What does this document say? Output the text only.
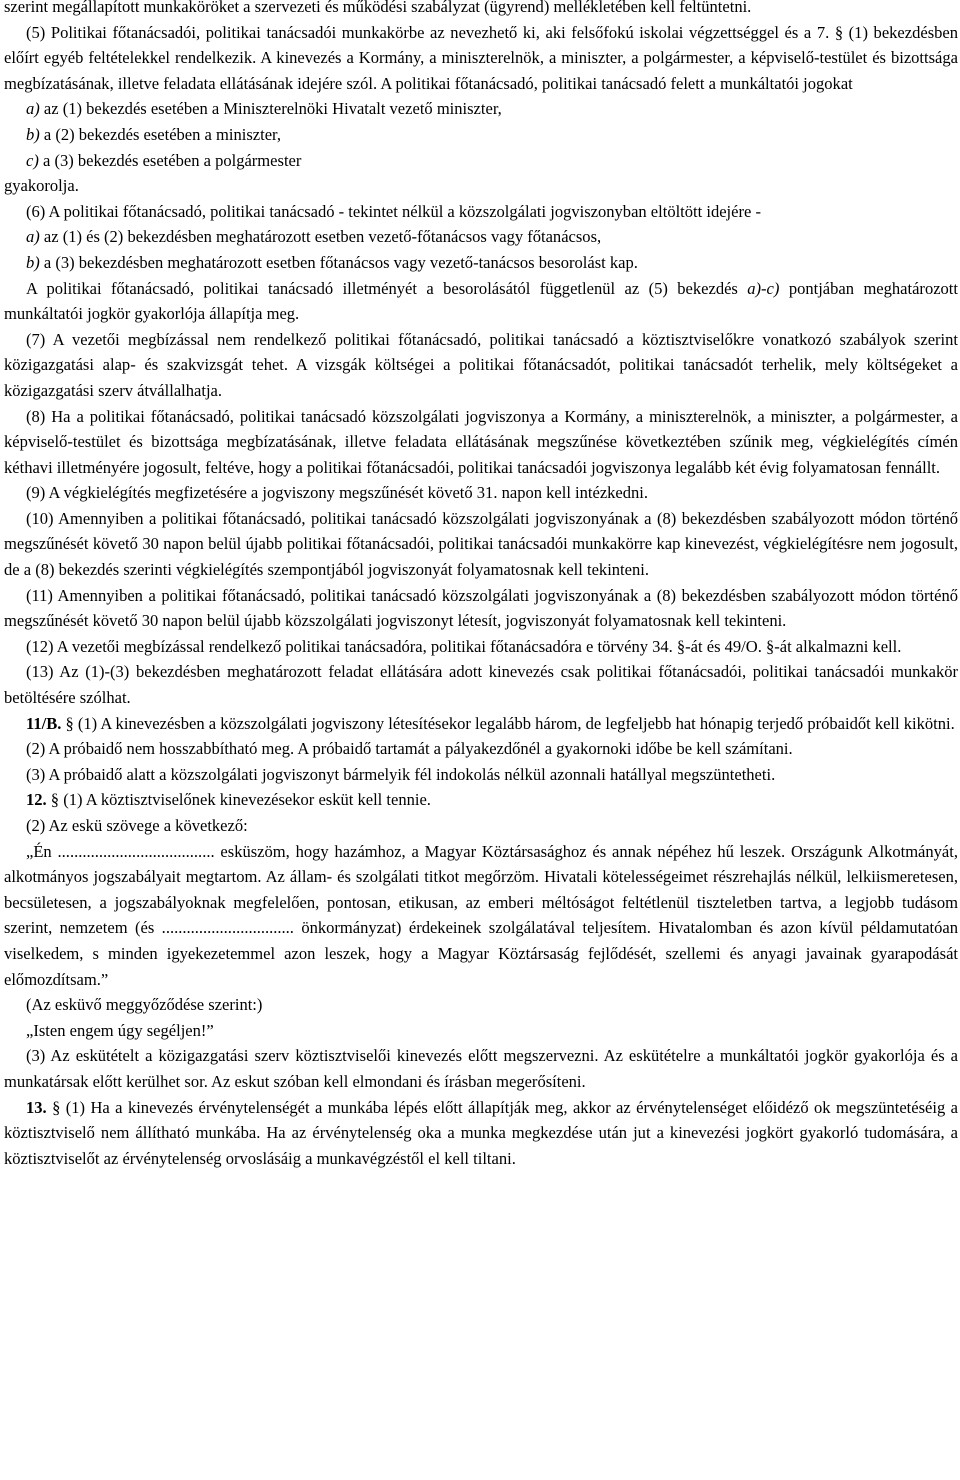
szerint megállapított munkaköröket a szervezeti és működési szabályzat (ügyrend) mellékletében kell feltüntetni.

(5) Politikai főtanácsadói, politikai tanácsadói munkakörbe az nevezhető ki, aki felsőfokú iskolai végzettséggel és a 7. § (1) bekezdésben előírt egyéb feltételekkel rendelkezik. A kinevezés a Kormány, a miniszterelnök, a miniszter, a polgármester, a képviselő-testület és bizottsága megbízatásának, illetve feladata ellátásának idejére szól. A politikai főtanácsadó, politikai tanácsadó felett a munkáltatói jogokat

a) az (1) bekezdés esetében a Miniszterelnöki Hivatalt vezető miniszter,

b) a (2) bekezdés esetében a miniszter,

c) a (3) bekezdés esetében a polgármester

gyakorolja.

(6) A politikai főtanácsadó, politikai tanácsadó - tekintet nélkül a közszolgálati jogviszonyban eltöltött idejére -

a) az (1) és (2) bekezdésben meghatározott esetben vezető-főtanácsos vagy főtanácsos,

b) a (3) bekezdésben meghatározott esetben főtanácsos vagy vezető-tanácsos besorolást kap.

A politikai főtanácsadó, politikai tanácsadó illetményét a besorolásától függetlenül az (5) bekezdés a)-c) pontjában meghatározott munkáltatói jogkör gyakorlója állapítja meg.

(7) A vezetői megbízással nem rendelkező politikai főtanácsadó, politikai tanácsadó a köztisztviselőkre vonatkozó szabályok szerint közigazgatási alap- és szakvizsgát tehet. A vizsgák költségei a politikai főtanácsadót, politikai tanácsadót terhelik, mely költségeket a közigazgatási szerv átvállalhatja.

(8) Ha a politikai főtanácsadó, politikai tanácsadó közszolgálati jogviszonya a Kormány, a miniszterelnök, a miniszter, a polgármester, a képviselő-testület és bizottsága megbízatásának, illetve feladata ellátásának megszűnése következtében szűnik meg, végkielégítés címén kéthavi illetményére jogosult, feltéve, hogy a politikai főtanácsadói, politikai tanácsadói jogviszonya legalább két évig folyamatosan fennállt.

(9) A végkielégítés megfizetésére a jogviszony megszűnését követő 31. napon kell intézkedni.

(10) Amennyiben a politikai főtanácsadó, politikai tanácsadó közszolgálati jogviszonyának a (8) bekezdésben szabályozott módon történő megszűnését követő 30 napon belül újabb politikai főtanácsadói, politikai tanácsadói munkakörre kap kinevezést, végkielégítésre nem jogosult, de a (8) bekezdés szerinti végkielégítés szempontjából jogviszonyát folyamatosnak kell tekinteni.

(11) Amennyiben a politikai főtanácsadó, politikai tanácsadó közszolgálati jogviszonyának a (8) bekezdésben szabályozott módon történő megszűnését követő 30 napon belül újabb közszolgálati jogviszonyt létesít, jogviszonyát folyamatosnak kell tekinteni.

(12) A vezetői megbízással rendelkező politikai tanácsadóra, politikai főtanácsadóra e törvény 34. §-át és 49/O. §-át alkalmazni kell.

(13) Az (1)-(3) bekezdésben meghatározott feladat ellátására adott kinevezés csak politikai főtanácsadói, politikai tanácsadói munkakör betöltésére szólhat.

11/B. § (1) A kinevezésben a közszolgálati jogviszony létesítésekor legalább három, de legfeljebb hat hónapig terjedő próbaidőt kell kikötni.

(2) A próbaidő nem hosszabbítható meg. A próbaidő tartamát a pályakezdőnél a gyakornoki időbe be kell számítani.

(3) A próbaidő alatt a közszolgálati jogviszonyt bármelyik fél indokolás nélkül azonnali hatállyal megszüntetheti.

12. § (1) A köztisztviselőnek kinevezésekor esküt kell tennie.

(2) Az eskü szövege a következő:

„Én ...................................... esküszöm, hogy hazámhoz, a Magyar Köztársasághoz és annak népéhez hű leszek. Országunk Alkotmányát, alkotmányos jogszabályait megtartom. Az állam- és szolgálati titkot megőrzöm. Hivatali kötelességeimet részrehajlás nélkül, lelkiismeretesen, becsületesen, a jogszabályoknak megfelelően, pontosan, etikusan, az emberi méltóságot feltétlenül tiszteletben tartva, a legjobb tudásom szerint, nemzetem (és ................................ önkormányzat) érdekeinek szolgálatával teljesítem. Hivatalomban és azon kívül példamutatóan viselkedem, s minden igyekezetemmel azon leszek, hogy a Magyar Köztársaság fejlődését, szellemi és anyagi javainak gyarapodását előmozdítsam.”

(Az esküvő meggyőződése szerint:)

„Isten engem úgy segéljen!”

(3) Az eskütételt a közigazgatási szerv köztisztviselői kinevezés előtt megszervezni. Az eskütételre a munkáltatói jogkör gyakorlója és a munkatársak előtt kerülhet sor. Az eskut szóban kell elmondani és írásban megerősíteni.

13. § (1) Ha a kinevezés érvénytelenségét a munkába lépés előtt állapítják meg, akkor az érvénytelenséget előidéző ok megszüntetéséig a köztisztviselő nem állítható munkába. Ha az érvénytelenség oka a munka megkezdése után jut a kinevezési jogkört gyakorló tudomására, a köztisztviselőt az érvénytelenség orvoslásáig a munkavégzéstől el kell tiltani.
